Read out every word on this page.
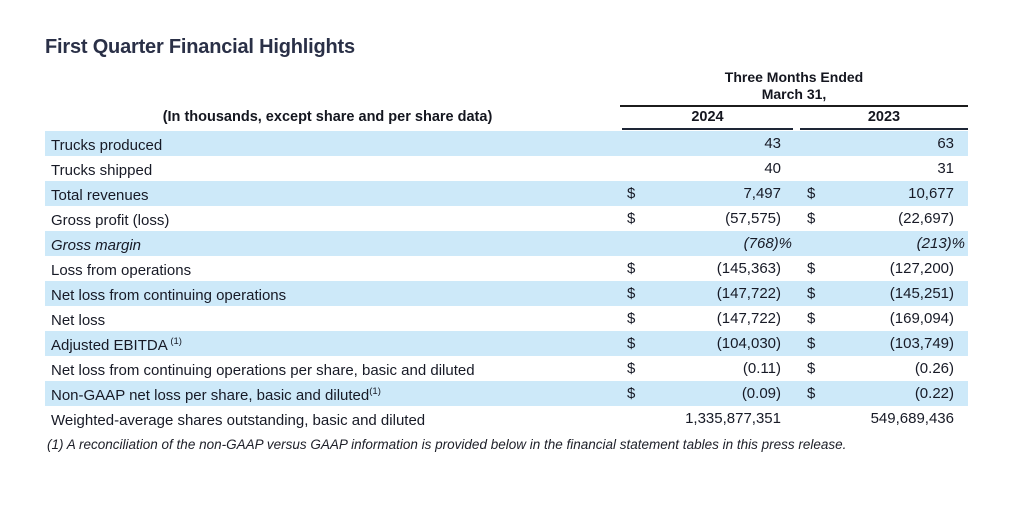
First Quarter Financial Highlights
Three Months Ended
March 31,
(In thousands, except share and per share data)	2024	2023
Trucks produced	43	63
Trucks shipped	40	31
Total revenues	$	7,497 $	10,677
Gross profit (loss)	$	(57,575) $	(22,697)
Gross margin	(768)%	(213)%
Loss from operations	$	(145,363) $	(127,200)
Net loss from continuing operations	$	(147,722) $	(145,251)
Net loss	$	(147,722) $	(169,094)
Adjusted EBITDA $^{(1)}$	$	(104,030) $	(103,749)
Net loss from continuing operations per share, basic and diluted	$	(0.11) $	(0.26)
Non-GAAP net loss per share, basic and diluted$^{(1)}$	$	(0.09) $	(0.22)
Weighted-average shares outstanding, basic and diluted	1,335,877,351	549,689,436
(1) A reconciliation of the non-GAAP versus GAAP information is provided below in the financial statement tables in this press release.
